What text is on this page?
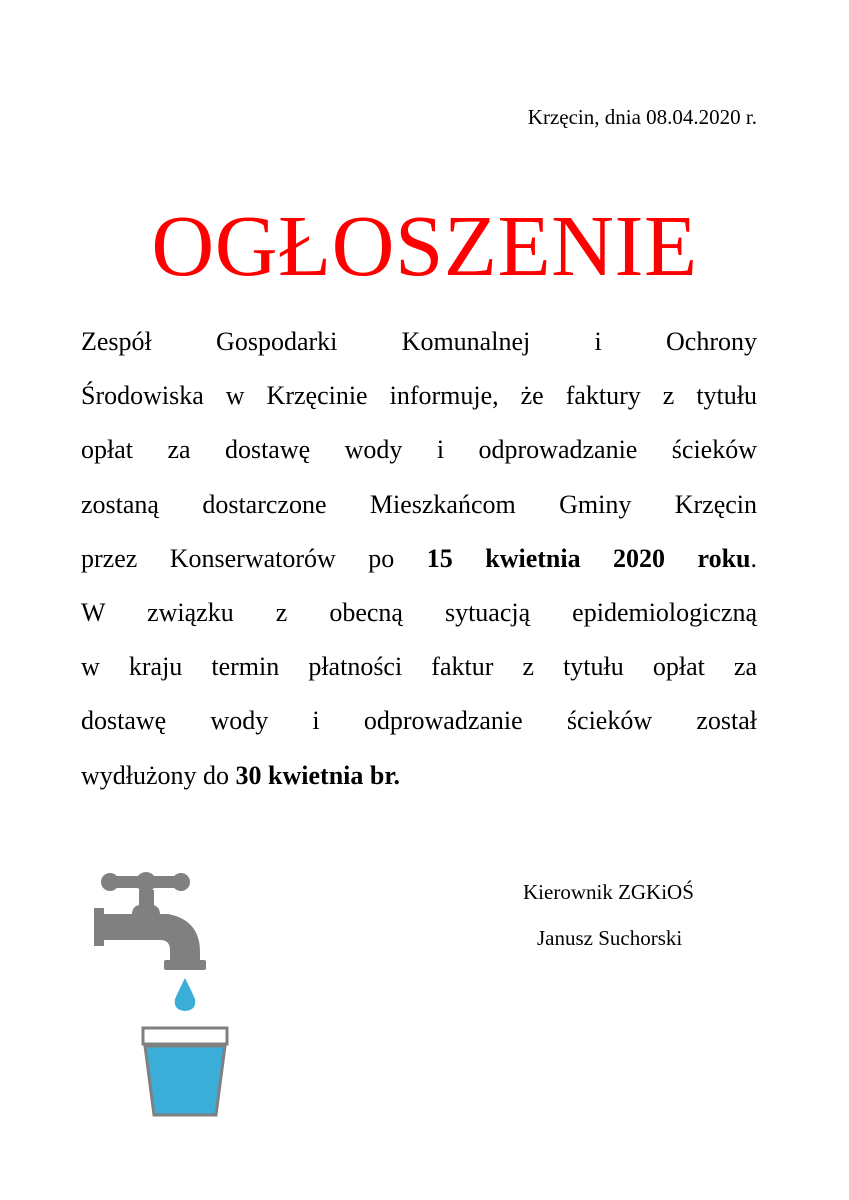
Krzęcin, dnia 08.04.2020 r.
OGŁOSZENIE
Zespół Gospodarki Komunalnej i Ochrony
Środowiska w Krzęcinie informuje, że faktury z tytułu
opłat za dostawę wody i odprowadzanie ścieków
zostaną dostarczone Mieszkańcom Gminy Krzęcin
przez Konserwatorów po 15 kwietnia 2020 roku.
W związku z obecną sytuacją epidemiologiczną
w kraju termin płatności faktur z tytułu opłat za
dostawę wody i odprowadzanie ścieków został
wydłużony do 30 kwietnia br.
Kierownik ZGKiOŚ
Janusz Suchorski
